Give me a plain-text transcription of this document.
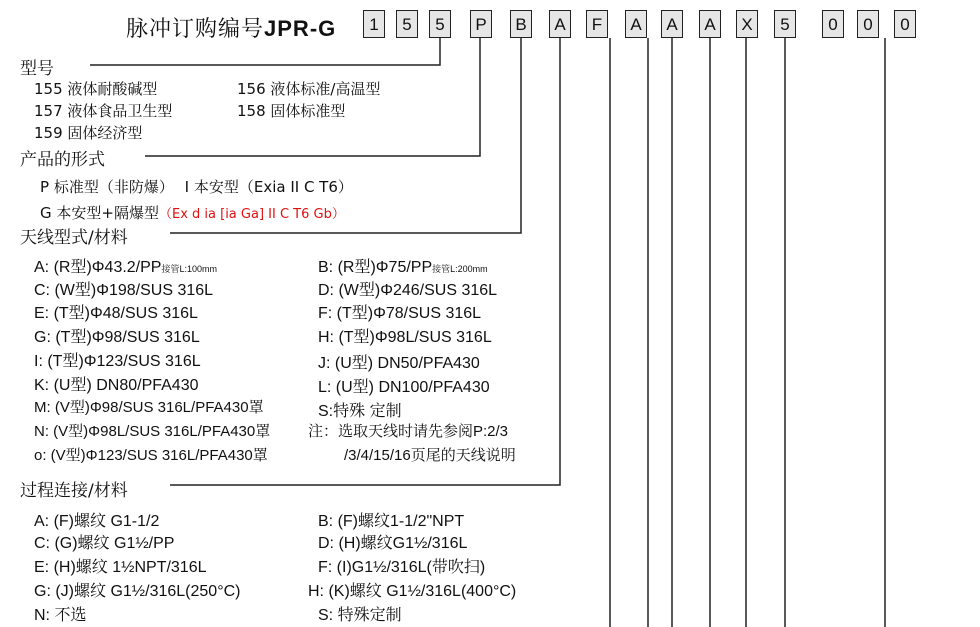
脉冲订购编号JPR-G	1	5	5	P	B	A	F	A	A	A	X	5	0	0	0
型号
155 液体耐酸碱型	156 液体标准/高温型
157 液体食品卫生型	158 固体标准型
159 固体经济型
产品的形式
P 标准型（非防爆） I 本安型（Exia II C T6）
G 本安型+隔爆型（Ex d ia [ia Ga] II C T6 Gb）
天线型式/材料
A: (R型)Φ43.2/PP接管L:100mm	B: (R型)Φ75/PP接管L:200mm
C: (W型)Φ198/SUS 316L	D: (W型)Φ246/SUS 316L
E: (T型)Φ48/SUS 316L	F: (T型)Φ78/SUS 316L
G: (T型)Φ98/SUS 316L	H: (T型)Φ98L/SUS 316L
I: (T型)Φ123/SUS 316L	J: (U型) DN50/PFA430
K: (U型) DN80/PFA430	L: (U型) DN100/PFA430
M: (V型)Φ98/SUS 316L/PFA430罩	S:特殊 定制
N: (V型)Φ98L/SUS 316L/PFA430罩	注：选取天线时请先参阅P:2/3
o: (V型)Φ123/SUS 316L/PFA430罩	/3/4/15/16页尾的天线说明
过程连接/材料
A: (F)螺纹 G1-1/2	B: (F)螺纹1-1/2"NPT
C: (G)螺纹 G1½/PP	D: (H)螺纹G1½/316L
E: (H)螺纹 1½NPT/316L	F: (I)G1½/316L(带吹扫)
G: (J)螺纹 G1½/316L(250°C)	H: (K)螺纹 G1½/316L(400°C)
N: 不选	S: 特殊定制
